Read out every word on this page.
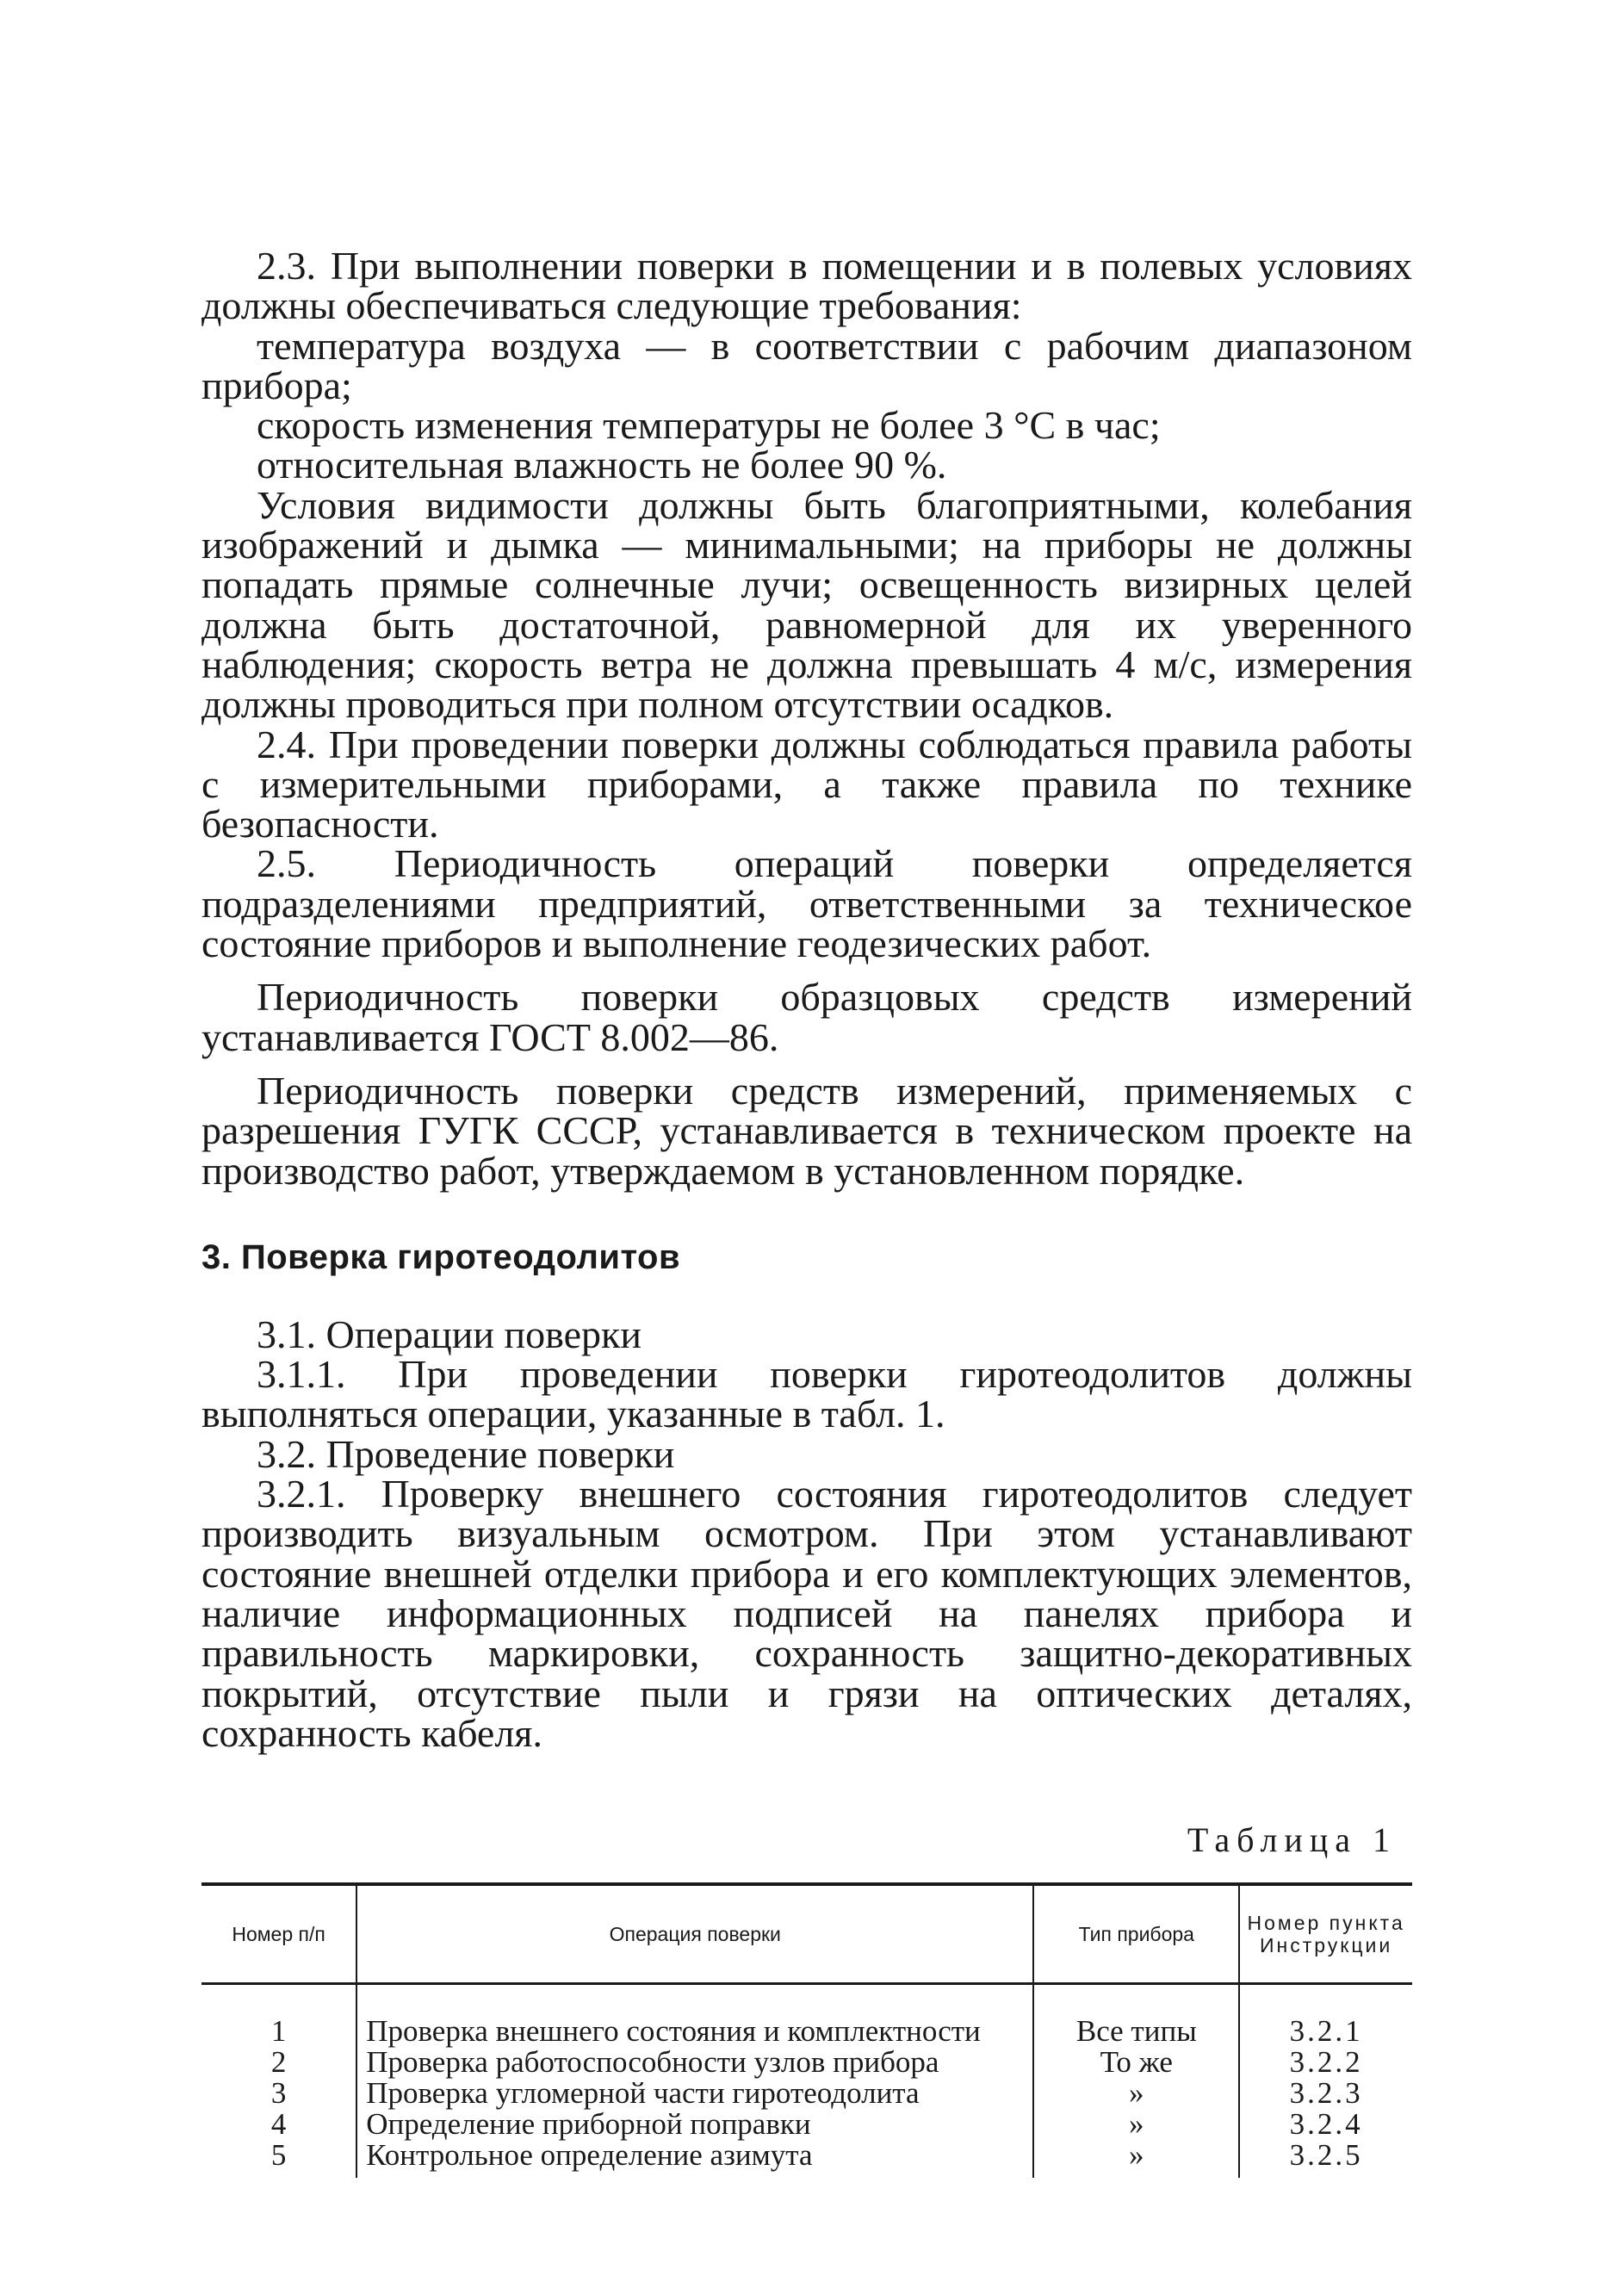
2.3. При выполнении поверки в помещении и в полевых условиях должны обеспечиваться следующие требования:

температура воздуха — в соответствии с рабочим диапазоном прибора;

скорость изменения температуры не более 3 °С в час;

относительная влажность не более 90 %.

Условия видимости должны быть благоприятными, колебания изображений и дымка — минимальными; на приборы не должны попадать прямые солнечные лучи; освещенность визирных целей должна быть достаточной, равномерной для их уверенного наблюдения; скорость ветра не должна превышать 4 м/с, измерения должны проводиться при полном отсутствии осадков.

2.4. При проведении поверки должны соблюдаться правила работы с измерительными приборами, а также правила по технике безопасности.

2.5. Периодичность операций поверки определяется подразделениями предприятий, ответственными за техническое состояние приборов и выполнение геодезических работ.

Периодичность поверки образцовых средств измерений устанавливается ГОСТ 8.002—86.

Периодичность поверки средств измерений, применяемых с разрешения ГУГК СССР, устанавливается в техническом проекте на производство работ, утверждаемом в установленном порядке.

3. Поверка гиротеодолитов

3.1. Операции поверки

3.1.1. При проведении поверки гиротеодолитов должны выполняться операции, указанные в табл. 1.

3.2. Проведение поверки

3.2.1. Проверку внешнего состояния гиротеодолитов следует производить визуальным осмотром. При этом устанавливают состояние внешней отделки прибора и его комплектующих элементов, наличие информационных подписей на панелях прибора и правильность маркировки, сохранность защитно-декоративных покрытий, отсутствие пыли и грязи на оптических деталях, сохранность кабеля.

Таблица 1
Номер п/п	Операция поверки	Тип прибора	Номер пункта Инструкции
1	Проверка внешнего состояния и комплектности	Все типы	3.2.1
2	Проверка работоспособности узлов прибора	То же	3.2.2
3	Проверка угломерной части гиротеодолита	»	3.2.3
4	Определение приборной поправки	»	3.2.4
5	Контрольное определение азимута	»	3.2.5
